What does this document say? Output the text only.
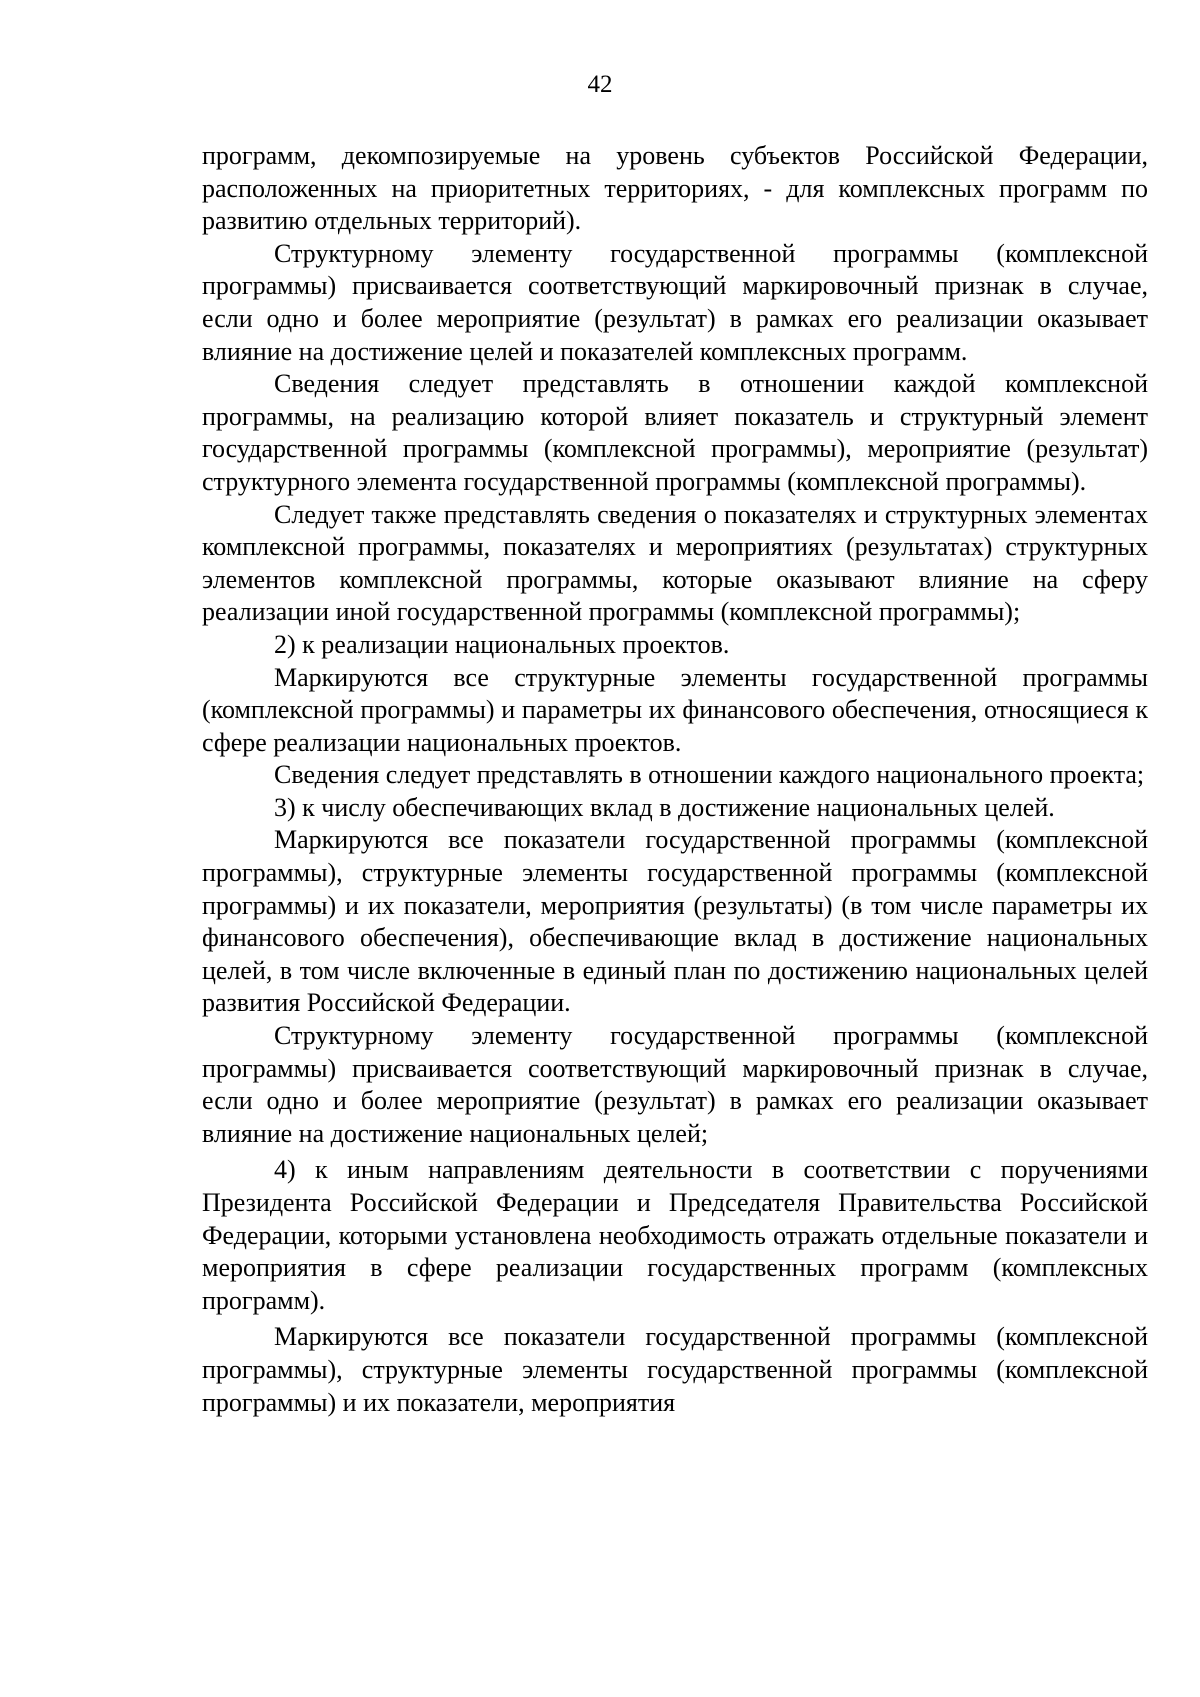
42

программ, декомпозируемые на уровень субъектов Российской Федерации, расположенных на приоритетных территориях, - для комплексных программ по развитию отдельных территорий).

Структурному элементу государственной программы (комплексной программы) присваивается соответствующий маркировочный признак в случае, если одно и более мероприятие (результат) в рамках его реализации оказывает влияние на достижение целей и показателей комплексных программ.

Сведения следует представлять в отношении каждой комплексной программы, на реализацию которой влияет показатель и структурный элемент государственной программы (комплексной программы), мероприятие (результат) структурного элемента государственной программы (комплексной программы).

Следует также представлять сведения о показателях и структурных элементах комплексной программы, показателях и мероприятиях (результатах) структурных элементов комплексной программы, которые оказывают влияние на сферу реализации иной государственной программы (комплексной программы);

2) к реализации национальных проектов.

Маркируются все структурные элементы государственной программы (комплексной программы) и параметры их финансового обеспечения, относящиеся к сфере реализации национальных проектов.

Сведения следует представлять в отношении каждого национального проекта;

3) к числу обеспечивающих вклад в достижение национальных целей.

Маркируются все показатели государственной программы (комплексной программы), структурные элементы государственной программы (комплексной программы) и их показатели, мероприятия (результаты) (в том числе параметры их финансового обеспечения), обеспечивающие вклад в достижение национальных целей, в том числе включенные в единый план по достижению национальных целей развития Российской Федерации.

Структурному элементу государственной программы (комплексной программы) присваивается соответствующий маркировочный признак в случае, если одно и более мероприятие (результат) в рамках его реализации оказывает влияние на достижение национальных целей;

4) к иным направлениям деятельности в соответствии с поручениями Президента Российской Федерации и Председателя Правительства Российской Федерации, которыми установлена необходимость отражать отдельные показатели и мероприятия в сфере реализации государственных программ (комплексных программ).

Маркируются все показатели государственной программы (комплексной программы), структурные элементы государственной программы (комплексной программы) и их показатели, мероприятия
